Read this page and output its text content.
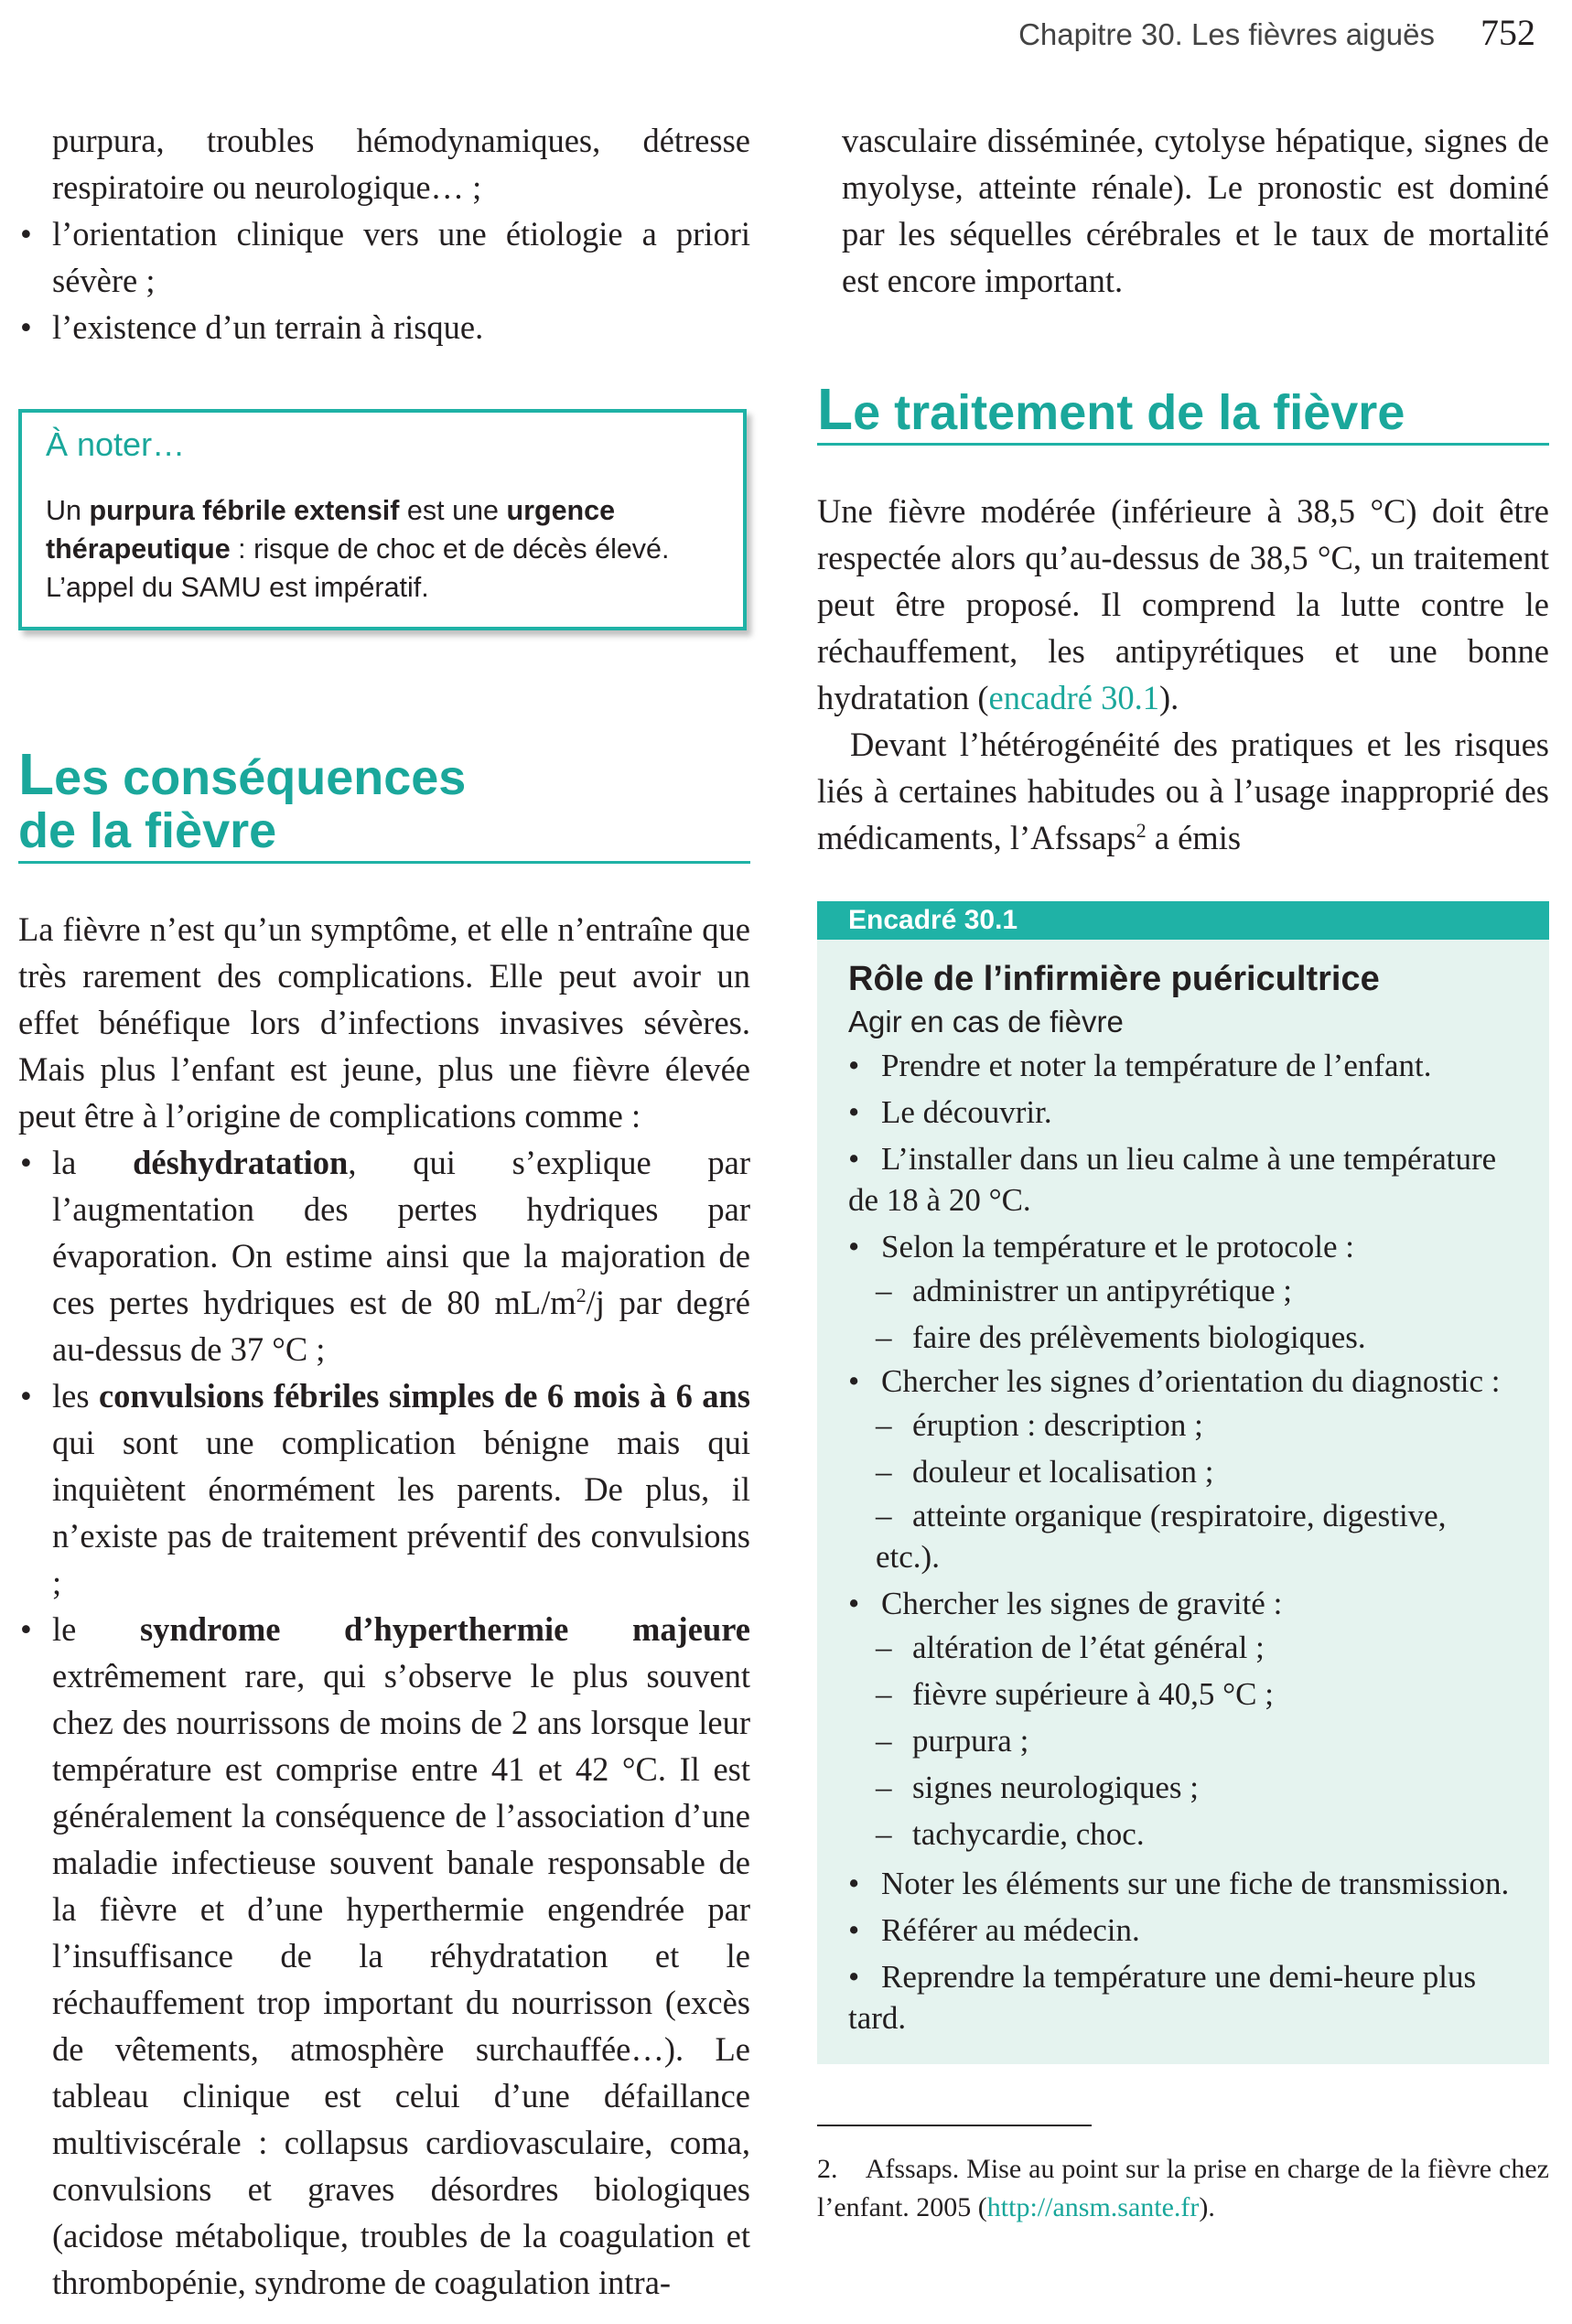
Chapitre 30. Les fièvres aiguës 752

purpura, troubles hémodynamiques, détresse respiratoire ou neurologique… ;

• l’orientation clinique vers une étiologie a priori sévère ;
• l’existence d’un terrain à risque.

À noter…

Un purpura fébrile extensif est une urgence thérapeutique : risque de choc et de décès élevé. L’appel du SAMU est impératif.

Les conséquences
de la fièvre

La fièvre n’est qu’un symptôme, et elle n’entraîne que très rarement des complications. Elle peut avoir un effet bénéfique lors d’infections invasives sévères. Mais plus l’enfant est jeune, plus une fièvre élevée peut être à l’origine de complications comme :

• la déshydratation, qui s’explique par l’augmentation des pertes hydriques par évaporation. On estime ainsi que la majoration de ces pertes hydriques est de 80 $mL/m^2/j$ par degré au-dessus de 37 °C ;
• les convulsions fébriles simples de 6 mois à 6 ans qui sont une complication bénigne mais qui inquiètent énormément les parents. De plus, il n’existe pas de traitement préventif des convulsions ;
• le syndrome d’hyperthermie majeure extrêmement rare, qui s’observe le plus souvent chez des nourrissons de moins de 2 ans lorsque leur température est comprise entre 41 et 42 °C. Il est généralement la conséquence de l’association d’une maladie infectieuse souvent banale responsable de la fièvre et d’une hyperthermie engendrée par l’insuffisance de la réhydratation et le réchauffement trop important du nourrisson (excès de vêtements, atmosphère surchauffée…). Le tableau clinique est celui d’une défaillance multiviscérale : collapsus cardiovasculaire, coma, convulsions et graves désordres biologiques (acidose métabolique, troubles de la coagulation et thrombopénie, syndrome de coagulation intra-

vasculaire disséminée, cytolyse hépatique, signes de myolyse, atteinte rénale). Le pronostic est dominé par les séquelles cérébrales et le taux de mortalité est encore important.

Le traitement de la fièvre

Une fièvre modérée (inférieure à 38,5 °C) doit être respectée alors qu’au-dessus de 38,5 °C, un traitement peut être proposé. Il comprend la lutte contre le réchauffement, les antipyrétiques et une bonne hydratation (encadré 30.1).

Devant l’hétérogénéité des pratiques et les risques liés à certaines habitudes ou à l’usage inapproprié des médicaments, l’Afssaps$^2$ a émis

Encadré 30.1

Rôle de l’infirmière puéricultrice

Agir en cas de fièvre

• Prendre et noter la température de l’enfant.

• Le découvrir.

• L’installer dans un lieu calme à une température de 18 à 20 °C.

• Selon la température et le protocole :

– administrer un antipyrétique ;

– faire des prélèvements biologiques.

• Chercher les signes d’orientation du diagnostic :

– éruption : description ;

– douleur et localisation ;

– atteinte organique (respiratoire, digestive, etc.).

• Chercher les signes de gravité :

– altération de l’état général ;

– fièvre supérieure à 40,5 °C ;

– purpura ;

– signes neurologiques ;

– tachycardie, choc.

• Noter les éléments sur une fiche de transmission.

• Référer au médecin.

• Reprendre la température une demi-heure plus tard.

2.    Afssaps. Mise au point sur la prise en charge de la fièvre chez l’enfant. 2005 (http://ansm.sante.fr).
